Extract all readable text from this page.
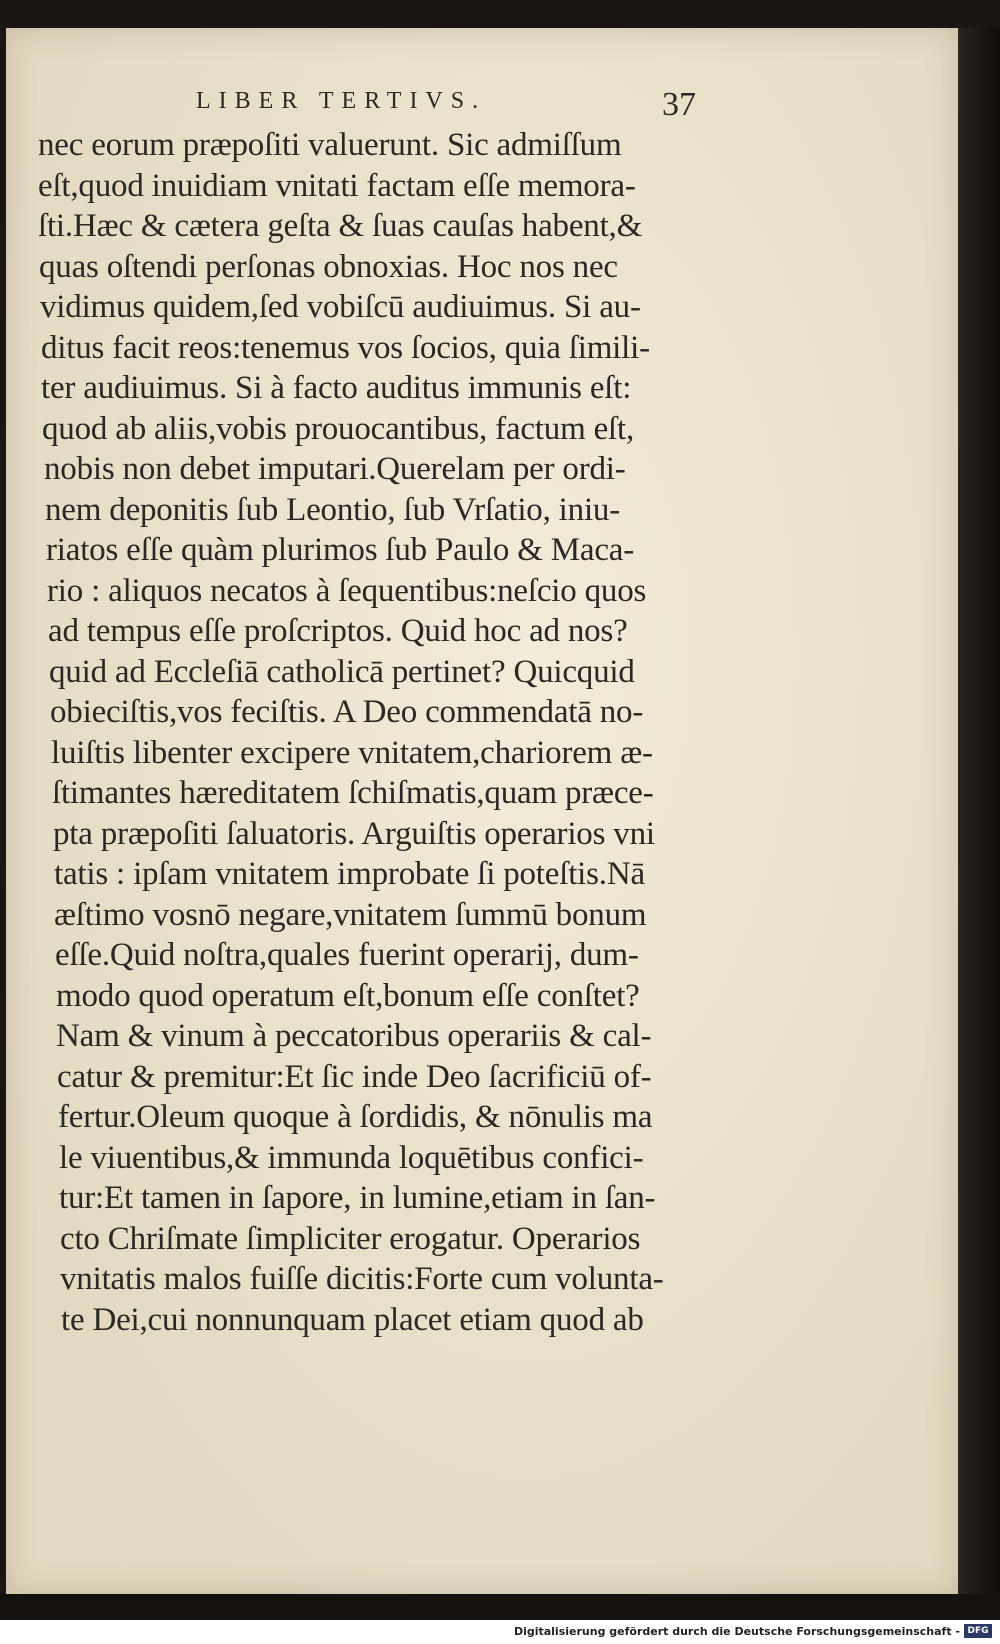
LIBER TERTIVS.	37
nec eorum præpoſiti valuerunt. Sic admiſſum
eſt,quod inuidiam vnitati factam eſſe memora-
ſti.Hæc & cætera geſta & ſuas cauſas habent,&
quas oſtendi perſonas obnoxias. Hoc nos nec
vidimus quidem,ſed vobiſcū audiuimus. Si au-
ditus facit reos:tenemus vos ſocios, quia ſimili-
ter audiuimus. Si à facto auditus immunis eſt:
quod ab aliis,vobis prouocantibus, factum eſt,
nobis non debet imputari.Querelam per ordi-
nem deponitis ſub Leontio, ſub Vrſatio, iniu-
riatos eſſe quàm plurimos ſub Paulo & Maca-
rio : aliquos necatos à ſequentibus:neſcio quos
ad tempus eſſe proſcriptos. Quid hoc ad nos?
quid ad Eccleſiā catholicā pertinet? Quicquid
obieciſtis,vos feciſtis. A Deo commendatā no-
luiſtis libenter excipere vnitatem,chariorem æ-
ſtimantes hæreditatem ſchiſmatis,quam præce-
pta præpoſiti ſaluatoris. Arguiſtis operarios vni
tatis : ipſam vnitatem improbate ſi poteſtis.Nā
æſtimo vosnō negare,vnitatem ſummū bonum
eſſe.Quid noſtra,quales fuerint operarij, dum-
modo quod operatum eſt,bonum eſſe conſtet?
Nam & vinum à peccatoribus operariis & cal-
catur & premitur:Et ſic inde Deo ſacrificiū of-
fertur.Oleum quoque à ſordidis, & nōnulis ma
le viuentibus,& immunda loquētibus confici-
tur:Et tamen in ſapore, in lumine,etiam in ſan-
cto Chriſmate ſimpliciter erogatur. Operarios
vnitatis malos fuiſſe dicitis:Forte cum volunta-
te Dei,cui nonnunquam placet etiam quod ab
Digitalisierung gefördert durch die Deutsche Forschungsgemeinschaft - DFG
